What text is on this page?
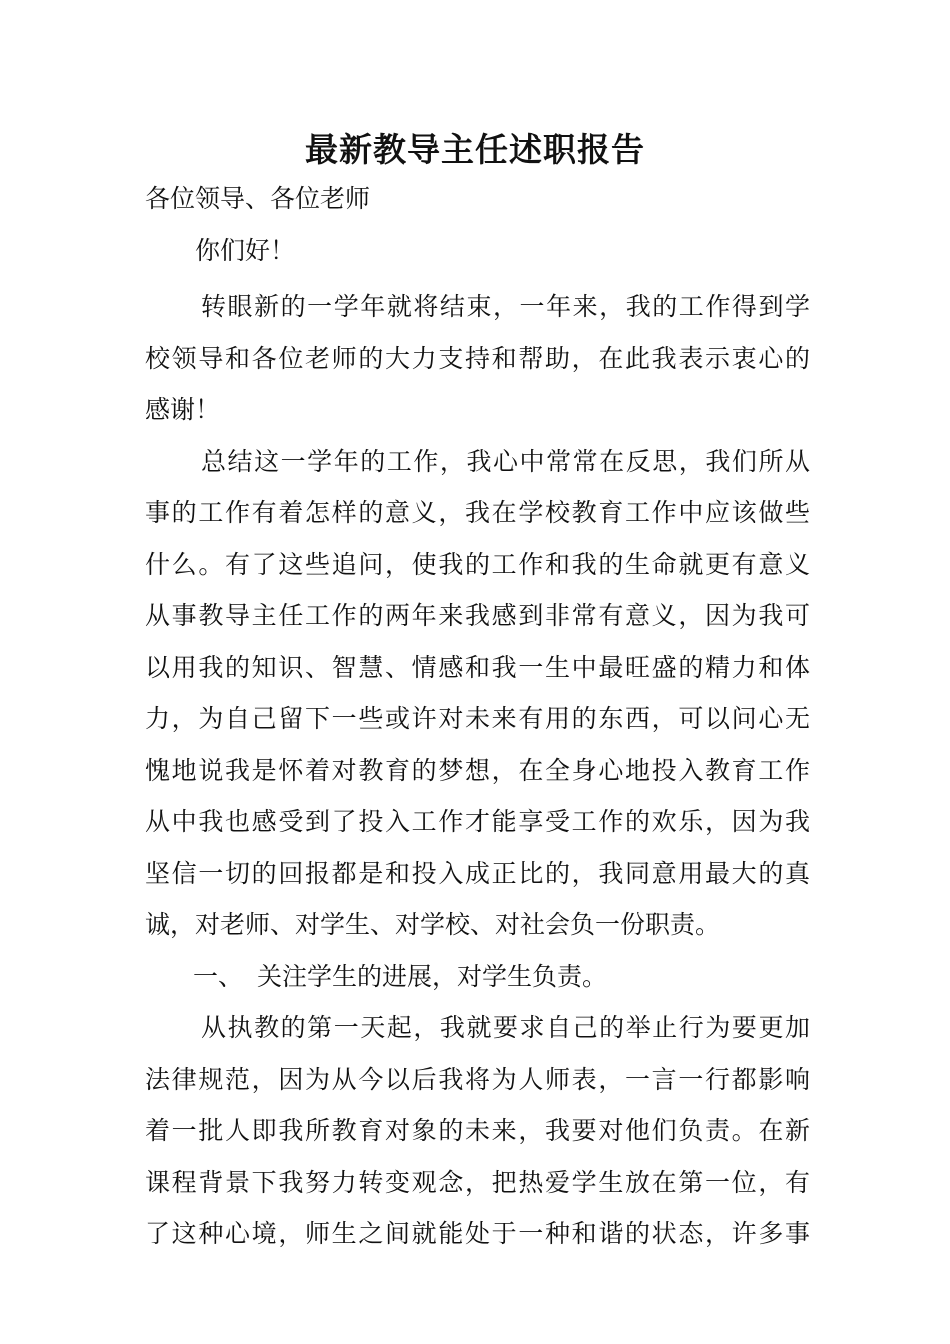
最新教导主任述职报告
各位领导、各位老师
你们好！
转眼新的一学年就将结束，一年来，我的工作得到学
校领导和各位老师的大力支持和帮助，在此我表示衷心的
感谢！
总结这一学年的工作，我心中常常在反思，我们所从
事的工作有着怎样的意义，我在学校教育工作中应该做些
什么。有了这些追问，使我的工作和我的生命就更有意义
从事教导主任工作的两年来我感到非常有意义，因为我可
以用我的知识、智慧、情感和我一生中最旺盛的精力和体
力，为自己留下一些或许对未来有用的东西，可以问心无
愧地说我是怀着对教育的梦想，在全身心地投入教育工作
从中我也感受到了投入工作才能享受工作的欢乐，因为我
坚信一切的回报都是和投入成正比的，我同意用最大的真
诚，对老师、对学生、对学校、对社会负一份职责。
一、 关注学生的进展，对学生负责。
从执教的第一天起，我就要求自己的举止行为要更加
法律规范，因为从今以后我将为人师表，一言一行都影响
着一批人即我所教育对象的未来，我要对他们负责。在新
课程背景下我努力转变观念，把热爱学生放在第一位，有
了这种心境，师生之间就能处于一种和谐的状态，许多事
